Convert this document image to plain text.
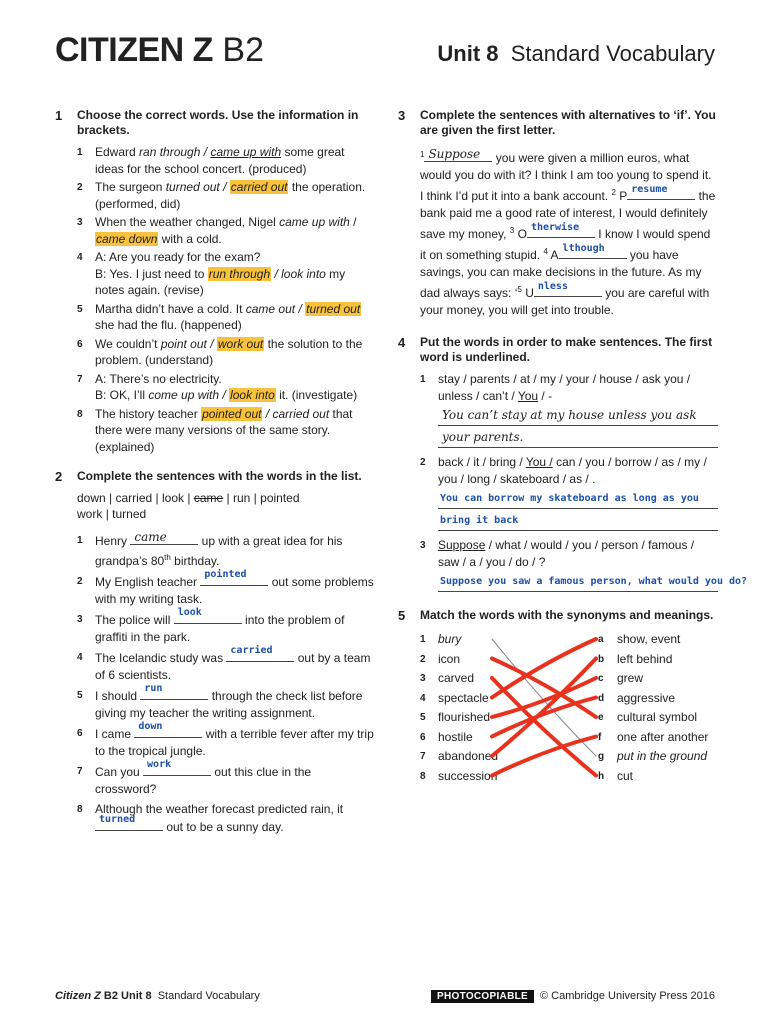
CITIZEN Z B2	Unit 8 Standard Vocabulary
1 Choose the correct words. Use the information in brackets.
1 Edward ran through / came up with some great ideas for the school concert. (produced)
2 The surgeon turned out / carried out the operation. (performed, did)
3 When the weather changed, Nigel came up with / came down with a cold.
4 A: Are you ready for the exam?
B: Yes. I just need to run through / look into my notes again. (revise)
5 Martha didn’t have a cold. It came out / turned out she had the flu. (happened)
6 We couldn’t point out / work out the solution to the problem. (understand)
7 A: There’s no electricity.
B: OK, I’ll come up with / look into it. (investigate)
8 The history teacher pointed out / carried out that there were many versions of the same story. (explained)
2 Complete the sentences with the words in the list.
down | carried | look | came | run | pointed
work | turned
1 Henry came	up with a great idea for his grandpa’s 80th birthday.
2 My English teacher
pointed
out some problems with my writing task.
3 The police will
look
into the problem of graffiti in the park.
4 The Icelandic study was
carried
out by a team of 6 scientists.
5 I should
run
through the check list before giving my teacher the writing assignment.
6 I came
down
with a terrible fever after my trip to the tropical jungle.
7 Can you
work
out this clue in the crossword?
8 Although the weather forecast predicted rain, it
turned
out to be a sunny day.
3 Complete the sentences with alternatives to ‘if’. You are given the first letter.
$^1$ Suppose	you were given a million euros, what would you do with it? I think I am too young to spend it. I think I’d put it into a bank account. $^2$ P resume	the bank paid me a good rate of interest, I would definitely save my money, $^3$ O therwise	I know I would spend it on something stupid. $^4$ A lthough	you have savings, you can make decisions in the future. As my dad always says: ‘$^5$ U nless	you are careful with your money, you will get into trouble.
4 Put the words in order to make sentences. The first word is underlined.
1 stay / parents / at / my / your / house / ask you / unless / can’t / You / -
You can’t stay at my house unless you ask
your parents.
2 back / it / bring / You / can / you / borrow / as / my / you / long / skateboard / as / .
You can borrow my skateboard as long as you
bring it back
3 Suppose / what / would / you / person / famous / saw / a / you / do / ?
Suppose you saw a famous person, what would you do?
5 Match the words with the synonyms and meanings.
1 bury	a show, event
2 icon	b left behind
3 carved	c grew
4 spectacle	d aggressive
5 flourished	e cultural symbol
6 hostile	f one after another
7 abandoned	g put in the ground
8 succession	h cut
Citizen Z B2 Unit 8 Standard Vocabulary	PHOTOCOPIABLE © Cambridge University Press 2016
